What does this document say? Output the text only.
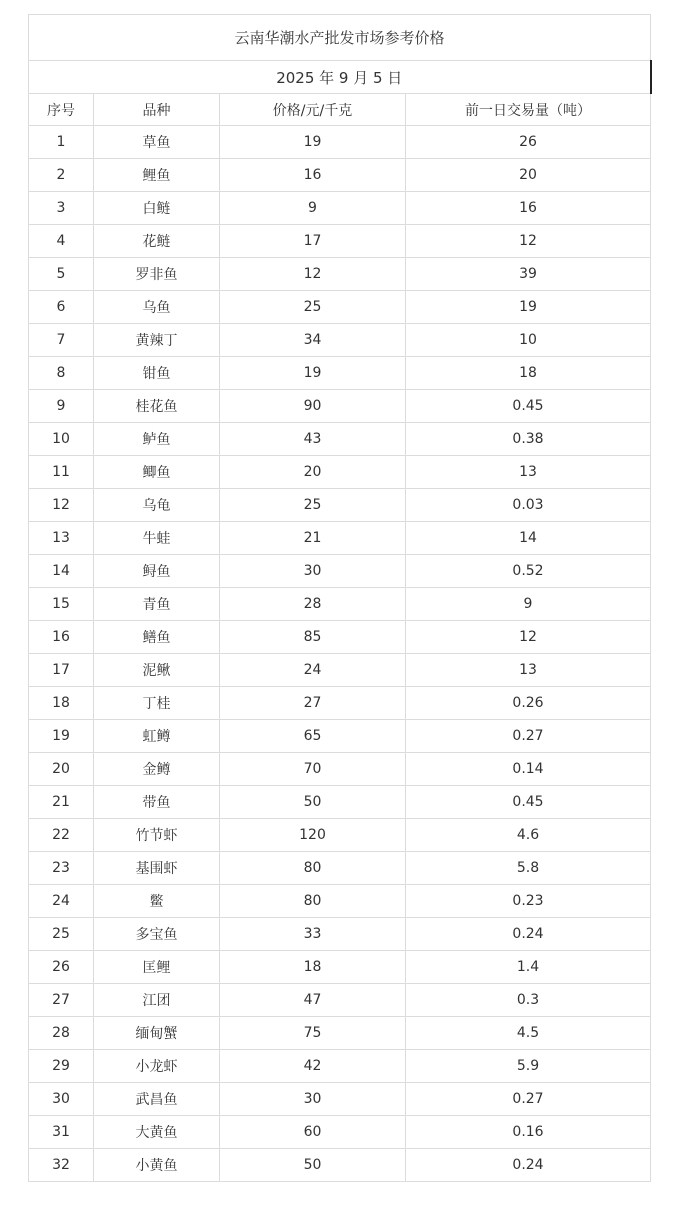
云南华潮水产批发市场参考价格			
2025 年 9 月 5 日			
序号	品种	价格/元/千克	前一日交易量（吨）
1	草鱼	19	26
2	鲤鱼	16	20
3	白鲢	9	16
4	花鲢	17	12
5	罗非鱼	12	39
6	乌鱼	25	19
7	黄辣丁	34	10
8	钳鱼	19	18
9	桂花鱼	90	0.45
10	鲈鱼	43	0.38
11	鲫鱼	20	13
12	乌龟	25	0.03
13	牛蛙	21	14
14	鲟鱼	30	0.52
15	青鱼	28	9
16	鳝鱼	85	12
17	泥鳅	24	13
18	丁桂	27	0.26
19	虹鳟	65	0.27
20	金鳟	70	0.14
21	带鱼	50	0.45
22	竹节虾	120	4.6
23	基围虾	80	5.8
24	鳖	80	0.23
25	多宝鱼	33	0.24
26	匡鲤	18	1.4
27	江团	47	0.3
28	缅甸蟹	75	4.5
29	小龙虾	42	5.9
30	武昌鱼	30	0.27
31	大黄鱼	60	0.16
32	小黄鱼	50	0.24
